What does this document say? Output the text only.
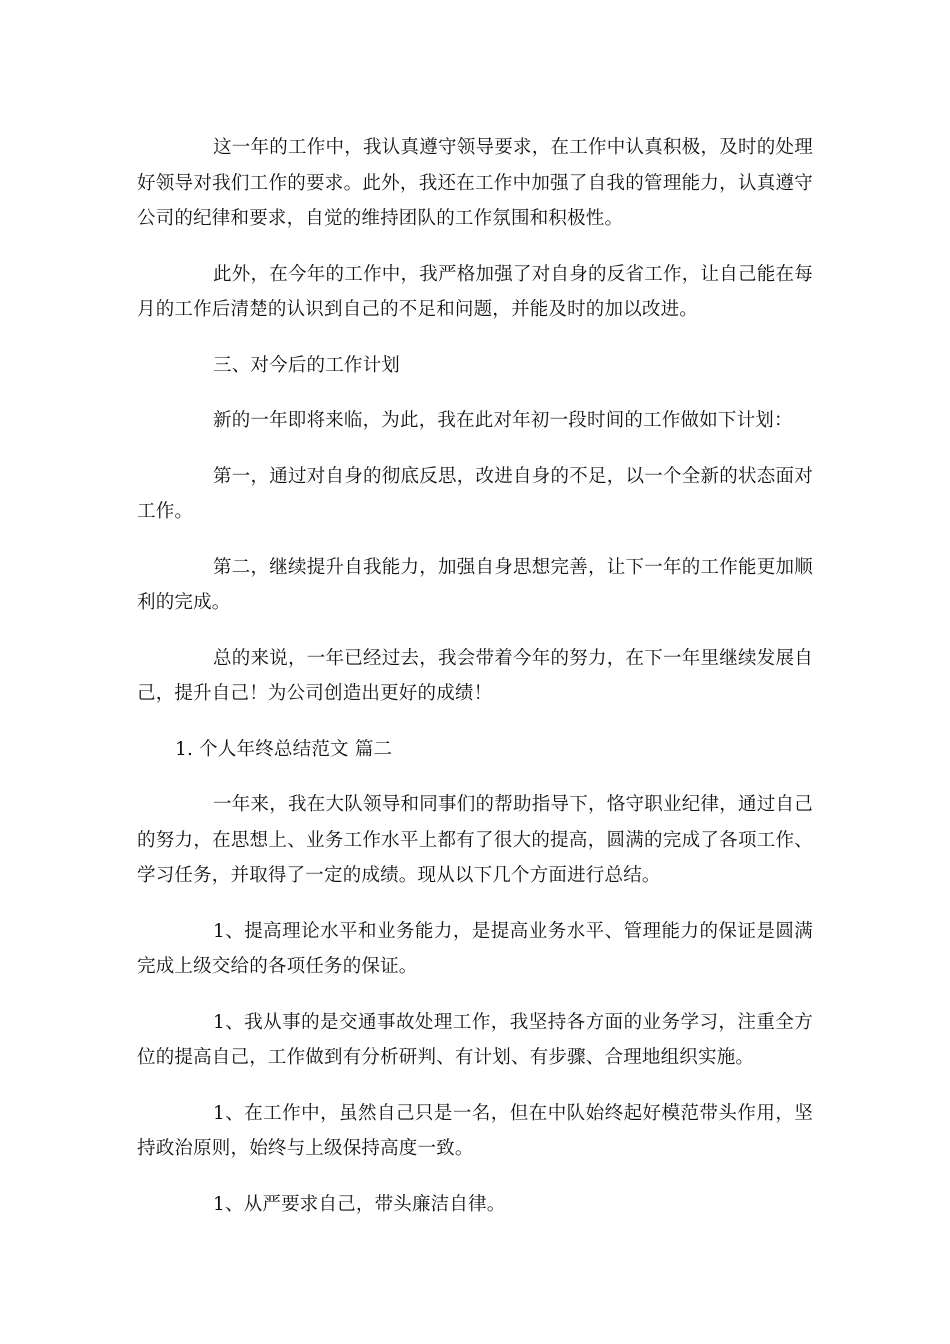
这一年的工作中，我认真遵守领导要求，在工作中认真积极，及时的处理好领导对我们工作的要求。此外，我还在工作中加强了自我的管理能力，认真遵守公司的纪律和要求，自觉的维持团队的工作氛围和积极性。

此外，在今年的工作中，我严格加强了对自身的反省工作，让自己能在每月的工作后清楚的认识到自己的不足和问题，并能及时的加以改进。

三、对今后的工作计划

新的一年即将来临，为此，我在此对年初一段时间的工作做如下计划：

第一，通过对自身的彻底反思，改进自身的不足，以一个全新的状态面对工作。

第二，继续提升自我能力，加强自身思想完善，让下一年的工作能更加顺利的完成。

总的来说，一年已经过去，我会带着今年的努力，在下一年里继续发展自己，提升自己！为公司创造出更好的成绩！

1. 个人年终总结范文 篇二

一年来，我在大队领导和同事们的帮助指导下，恪守职业纪律，通过自己的努力，在思想上、业务工作水平上都有了很大的提高，圆满的完成了各项工作、学习任务，并取得了一定的成绩。现从以下几个方面进行总结。

1、提高理论水平和业务能力，是提高业务水平、管理能力的保证是圆满完成上级交给的各项任务的保证。

1、我从事的是交通事故处理工作，我坚持各方面的业务学习，注重全方位的提高自己，工作做到有分析研判、有计划、有步骤、合理地组织实施。

1、在工作中，虽然自己只是一名，但在中队始终起好模范带头作用，坚持政治原则，始终与上级保持高度一致。

1、从严要求自己，带头廉洁自律。
